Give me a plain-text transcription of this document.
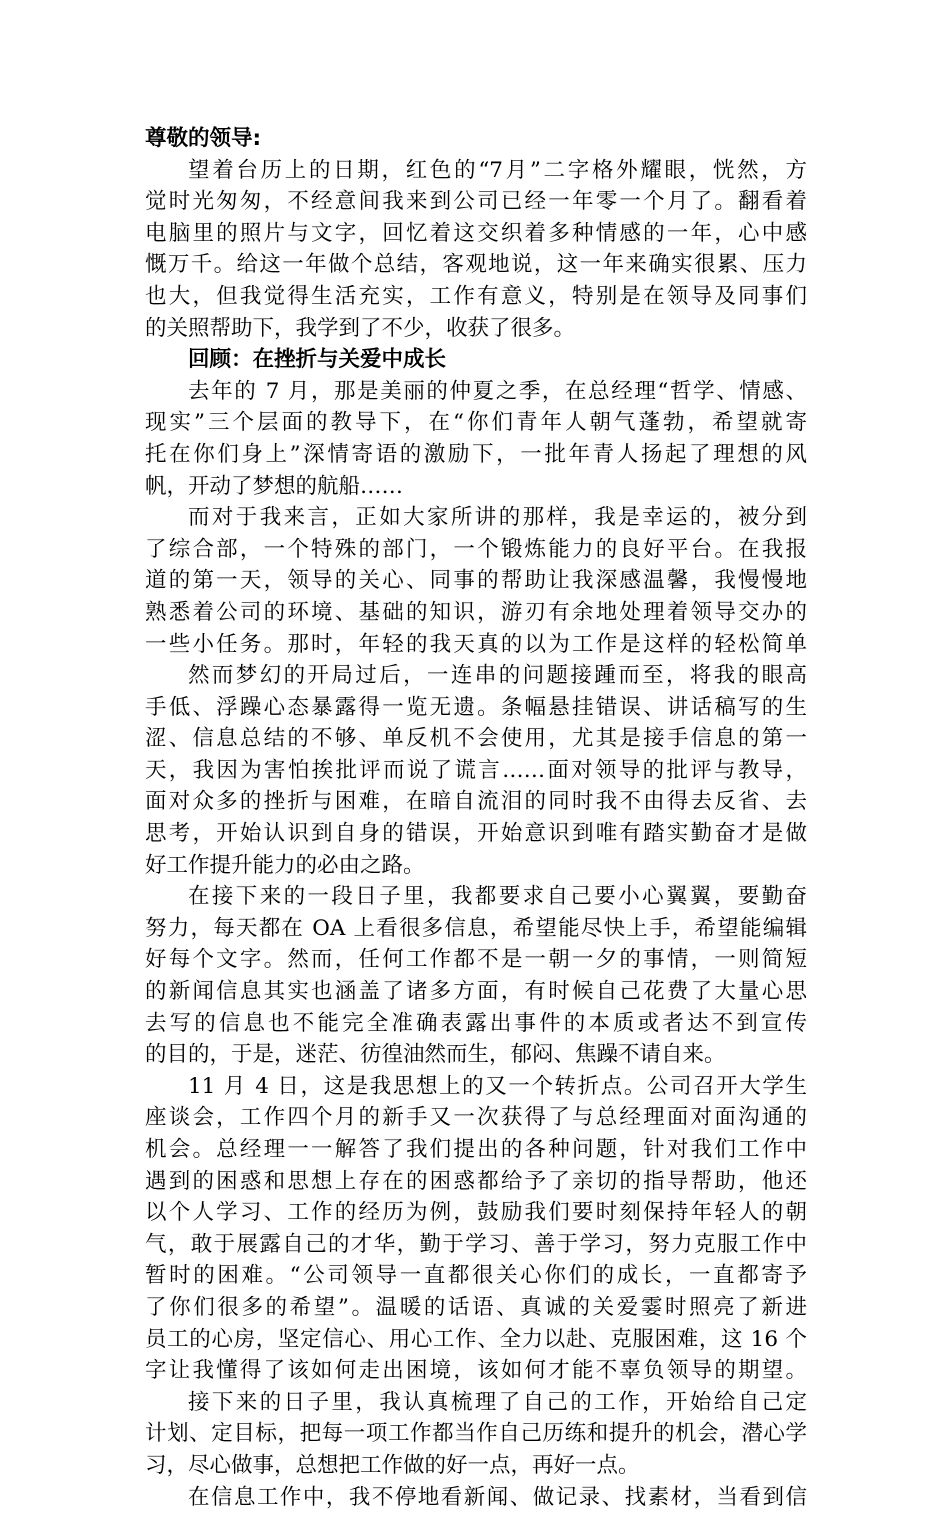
尊敬的领导:
望着台历上的日期，红色的“7月”二字格外耀眼，恍然，方
觉时光匆匆，不经意间我来到公司已经一年零一个月了。翻看着
电脑里的照片与文字，回忆着这交织着多种情感的一年，心中感
慨万千。给这一年做个总结，客观地说，这一年来确实很累、压力
也大，但我觉得生活充实，工作有意义，特别是在领导及同事们
的关照帮助下，我学到了不少，收获了很多。
回顾：在挫折与关爱中成长
去年的 7 月，那是美丽的仲夏之季，在总经理“哲学、情感、
现实”三个层面的教导下，在“你们青年人朝气蓬勃，希望就寄
托在你们身上”深情寄语的激励下，一批年青人扬起了理想的风
帆，开动了梦想的航船……
而对于我来言，正如大家所讲的那样，我是幸运的，被分到
了综合部，一个特殊的部门，一个锻炼能力的良好平台。在我报
道的第一天，领导的关心、同事的帮助让我深感温馨，我慢慢地
熟悉着公司的环境、基础的知识，游刃有余地处理着领导交办的
一些小任务。那时，年轻的我天真的以为工作是这样的轻松简单
然而梦幻的开局过后，一连串的问题接踵而至，将我的眼高
手低、浮躁心态暴露得一览无遗。条幅悬挂错误、讲话稿写的生
涩、信息总结的不够、单反机不会使用，尤其是接手信息的第一
天，我因为害怕挨批评而说了谎言……面对领导的批评与教导，
面对众多的挫折与困难，在暗自流泪的同时我不由得去反省、去
思考，开始认识到自身的错误，开始意识到唯有踏实勤奋才是做
好工作提升能力的必由之路。
在接下来的一段日子里，我都要求自己要小心翼翼，要勤奋
努力，每天都在 OA 上看很多信息，希望能尽快上手，希望能编辑
好每个文字。然而，任何工作都不是一朝一夕的事情，一则简短
的新闻信息其实也涵盖了诸多方面，有时候自己花费了大量心思
去写的信息也不能完全准确表露出事件的本质或者达不到宣传
的目的，于是，迷茫、彷徨油然而生，郁闷、焦躁不请自来。
11 月 4 日，这是我思想上的又一个转折点。公司召开大学生
座谈会，工作四个月的新手又一次获得了与总经理面对面沟通的
机会。总经理一一解答了我们提出的各种问题，针对我们工作中
遇到的困惑和思想上存在的困惑都给予了亲切的指导帮助，他还
以个人学习、工作的经历为例，鼓励我们要时刻保持年轻人的朝
气，敢于展露自己的才华，勤于学习、善于学习，努力克服工作中
暂时的困难。“公司领导一直都很关心你们的成长，一直都寄予
了你们很多的希望”。温暖的话语、真诚的关爱霎时照亮了新进
员工的心房，坚定信心、用心工作、全力以赴、克服困难，这 16 个
字让我懂得了该如何走出困境，该如何才能不辜负领导的期望。
接下来的日子里，我认真梳理了自己的工作，开始给自己定
计划、定目标，把每一项工作都当作自己历练和提升的机会，潜心学
习，尽心做事，总想把工作做的好一点，再好一点。
在信息工作中，我不停地看新闻、做记录、找素材，当看到信
